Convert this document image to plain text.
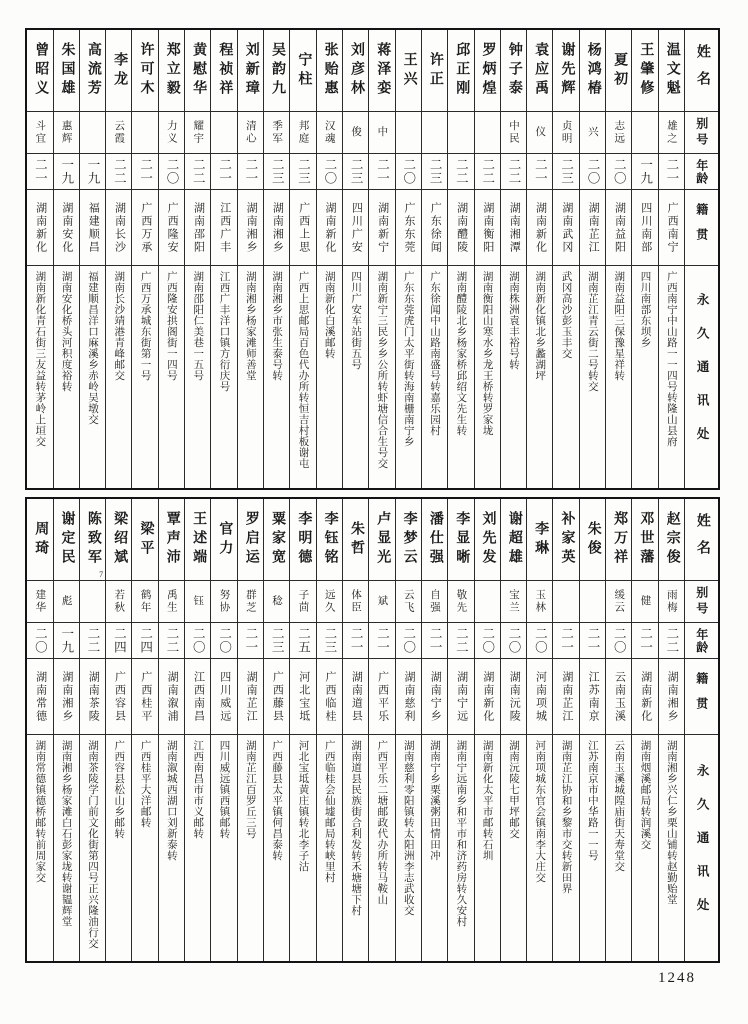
姓名
别号
年龄
籍贯
永久通讯处
温文魁
雄之
二一
广西南宁
广西南宁中山路一一四号转隆山县府
王肇修
一九
四川南部
四川南部东坝乡
夏初
志远
二〇
湖南益阳
湖南益阳三保豫星祥转
杨鸿椿
兴
二〇
湖南芷江
湖南芷江青云街二号转交
谢先辉
贞明
二三
湖南武冈
武冈高沙彭玉丰交
袁应禹
仪
二一
湖南新化
湖南新化镇北乡蠡湖坪
钟子泰
中民
二二
湖南湘潭
湖南株洲袁丰裕号转
罗炳煌
二二
湖南衡阳
湖南衡阳山寒水乡龙王桥转罗家垅
邱正刚
二二
湖南醴陵
湖南醴陵北乡杨家桥邱绍文先生转
许正
二三
广东徐闻
广东徐闻中山路南盛号转嘉乐园村
王兴
二〇
广东东莞
广东东莞虎门太平街转海南栅南宁乡
蒋泽娈
中
二一
湖南新宁
湖南新宁三民乡乡公所转虾塘信合生号交
刘彦林
俊
二三
四川广安
四川广安车站街五号
张贻惠
汉魂
二〇
湖南新化
湖南新化白溪邮转
宁柱
邦庭
二三
广西上思
广西上思邮局百色代办所转恒吉村板谢屯
吴韵九
季军
二三
湖南湘乡
湖南湘乡市张生泰号转
刘新璋
清心
二一
湖南湘乡
湖南湘乡杨家滩师善堂
程祯祥
二一
江西广丰
江西广丰洋口镇方衍庆号
黄慰华
耀宇
二二
湖南邵阳
湖南邵阳仁美巷一五号
郑立毅
力义
二〇
广西隆安
广西隆安拱阁街一四号
许可木
二一
广西万承
广西万承城东街第一号
李龙
云霞
二二
湖南长沙
湖南长沙靖港青峰邮交
高流芳
一九
福建顺昌
福建顺昌洋口麻溪乡赤岭吴墩交
朱国雄
惠辉
一九
湖南安化
湖南安化桥头河积度裕转
曾昭义
斗宜
二一
湖南新化
湖南新化青石街三友益转茅岭上垣交
姓名
别号
年龄
籍贯
永久通讯处
赵宗俊
雨梅
二二
湖南湘乡
湖南湘乡兴仁乡栗山铺转赵勤贻堂
邓世藩
健
二一
湖南新化
湖南烟溪邮局转润溪交
郑万祥
缓云
二〇
云南玉溪
云南玉溪城隍庙街天寿堂交
朱俊
二一
江苏南京
江苏南京市中华路一一号
补家英
二一
湖南芷江
湖南芷江协和乡黎市交转新田界
李琳
玉林
二〇
河南项城
河南项城东官会镇南李大庄交
谢超雄
宝兰
二〇
湖南沅陵
湖南沅陵七甲坪邮交
刘先发
二〇
湖南新化
湖南新化太平市邮转石圳
李显晰
敬先
二二
湖南宁远
湖南宁远南乡和平市和济药房转久安村
潘仕强
自强
二一
湖南宁乡
湖南宁乡栗溪粥田情田冲
李梦云
云飞
二〇
湖南慈利
湖南慈利零阳镇转太阳洲李志武收交
卢显光
斌
二一
广西平乐
广西平乐二塘邮政代办所转马鞍山
朱哲
体臣
二一
湖南道县
湖南道县民族街合利发转禾塘塘下村
李钰铭
远久
二三
广西临桂
广西临桂会仙墟邮局转峡里村
李明德
子茴
二五
河北宝坻
河北宝坻黄庄镇转北李子沽
粟家宽
稔
二三
广西藤县
广西藤县太平镇何昌泰转
罗启运
群芝
二一
湖南芷江
湖南芷江百罗丘三号
官力
努协
二〇
四川威远
四川威远镇西镇邮转
王述端
钰
二〇
江西南昌
江西南昌市市义邮转
覃声沛
禹生
二二
湖南溆浦
湖南溆城西湖口刘新泰转
梁平
鹤年
二四
广西桂平
广西桂平大洋邮转
梁绍斌
若秋
二四
广西容县
广西容县松山乡邮转
陈致军
7
二二
湖南茶陵
湖南茶陵学门前文化街第四号正兴隆油行交
谢定民
彪
一九
湖南湘乡
湖南湘乡杨家滩白石彭家垅转谢韫辉堂
周琦
建华
二〇
湖南常德
湖南常德镇德桥邮转前周家交
1248
